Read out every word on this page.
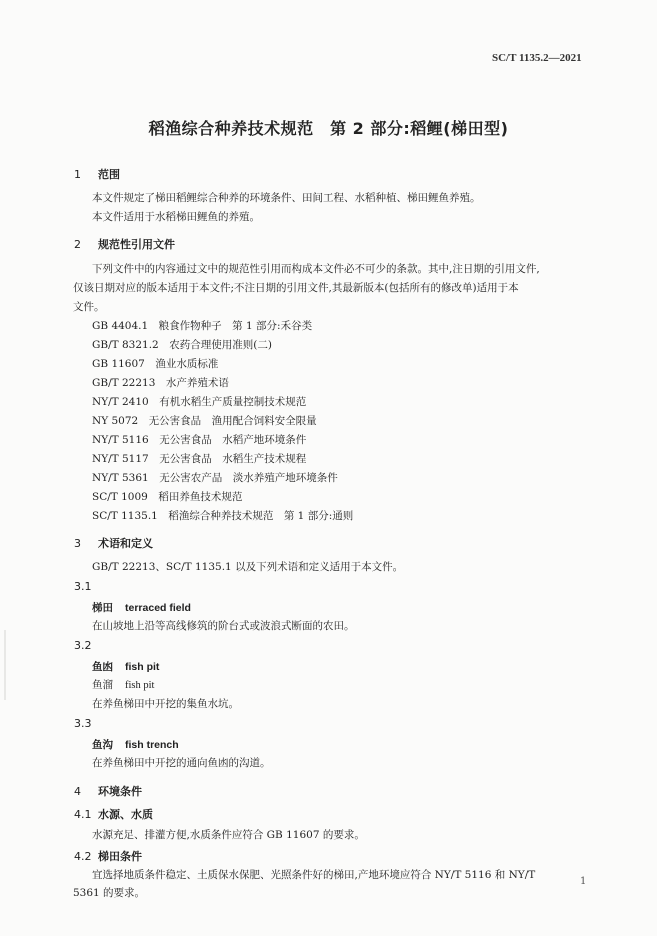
SC/T 1135.2—2021
稻渔综合种养技术规范　第 2 部分:稻鲤(梯田型)
1 范围
本文件规定了梯田稻鲤综合种养的环境条件、田间工程、水稻种植、梯田鲤鱼养殖。
本文件适用于水稻梯田鲤鱼的养殖。
2 规范性引用文件
下列文件中的内容通过文中的规范性引用而构成本文件必不可少的条款。其中,注日期的引用文件,
仅该日期对应的版本适用于本文件;不注日期的引用文件,其最新版本(包括所有的修改单)适用于本
文件。
GB 4404.1　粮食作物种子　第 1 部分:禾谷类
GB/T 8321.2　农药合理使用准则(二)
GB 11607　渔业水质标准
GB/T 22213　水产养殖术语
NY/T 2410　有机水稻生产质量控制技术规范
NY 5072　无公害食品　渔用配合饲料安全限量
NY/T 5116　无公害食品　水稻产地环境条件
NY/T 5117　无公害食品　水稻生产技术规程
NY/T 5361　无公害农产品　淡水养殖产地环境条件
SC/T 1009　稻田养鱼技术规范
SC/T 1135.1　稻渔综合种养技术规范　第 1 部分:通则
3 术语和定义
GB/T 22213、SC/T 1135.1 以及下列术语和定义适用于本文件。
3.1
梯田 terraced field
在山坡地上沿等高线修筑的阶台式或波浪式断面的农田。
3.2
鱼凼 fish pit
鱼溜 fish pit
在养鱼梯田中开挖的集鱼水坑。
3.3
鱼沟 fish trench
在养鱼梯田中开挖的通向鱼凼的沟道。
4 环境条件
4.1 水源、水质
水源充足、排灌方便,水质条件应符合 GB 11607 的要求。
4.2 梯田条件
宜选择地质条件稳定、土质保水保肥、光照条件好的梯田,产地环境应符合 NY/T 5116 和 NY/T
5361 的要求。
1
